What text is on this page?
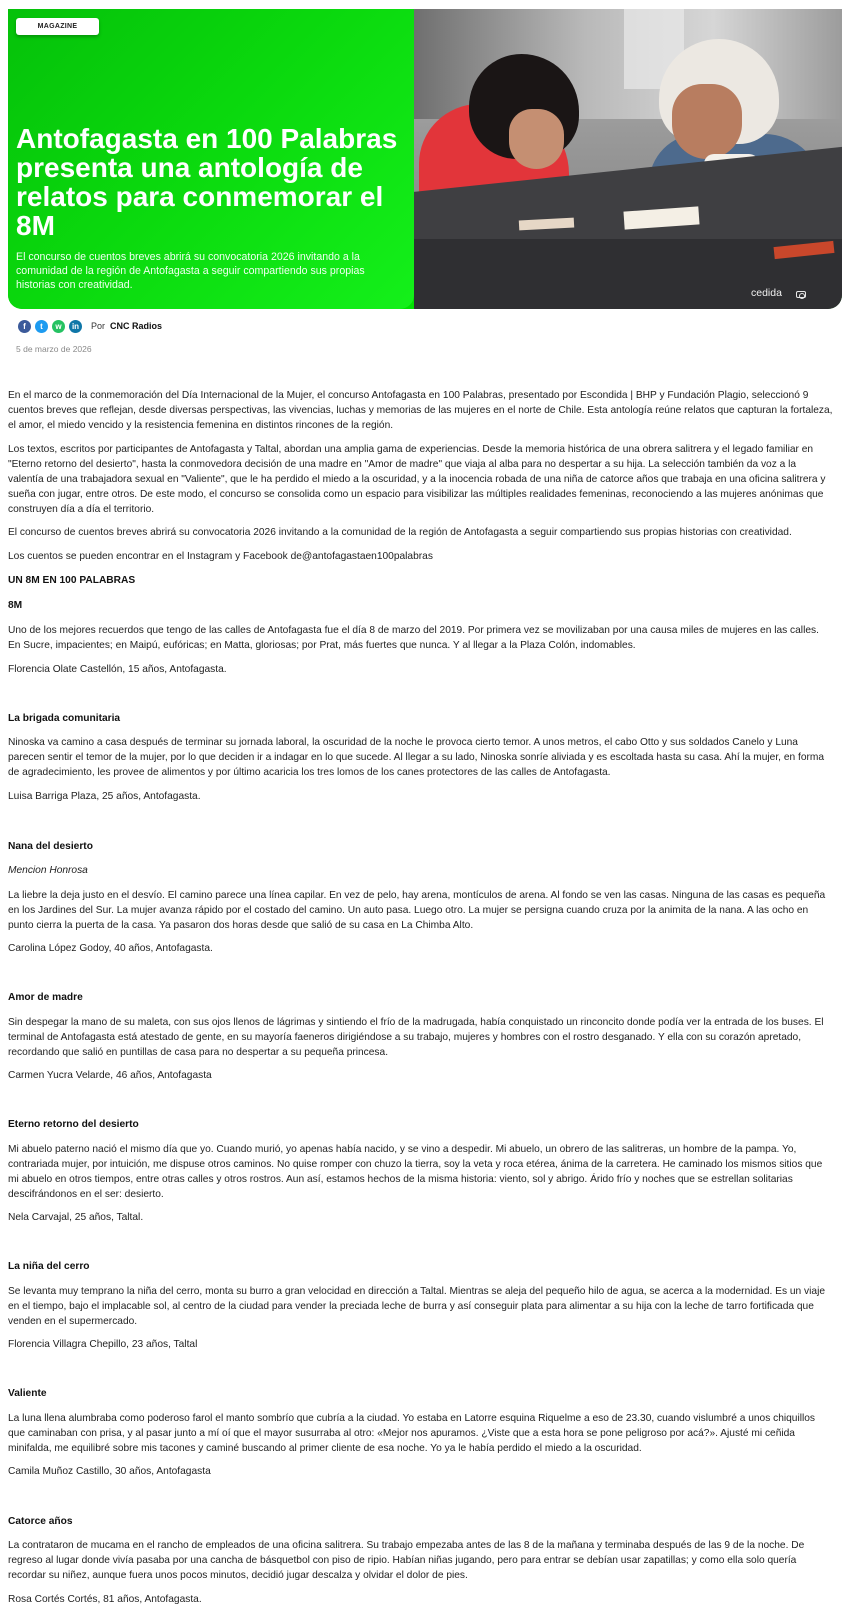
MAGAZINE
Antofagasta en 100 Palabras presenta una antología de relatos para conmemorar el 8M

El concurso de cuentos breves abrirá su convocatoria 2026 invitando a la comunidad de la región de Antofagasta a seguir compartiendo sus propias historias con creatividad.

cedida
f	t	w	in	Por CNC Radios
5 de marzo de 2026

En el marco de la conmemoración del Día Internacional de la Mujer, el concurso Antofagasta en 100 Palabras, presentado por Escondida | BHP y Fundación Plagio, seleccionó 9 cuentos breves que reflejan, desde diversas perspectivas, las vivencias, luchas y memorias de las mujeres en el norte de Chile. Esta antología reúne relatos que capturan la fortaleza, el amor, el miedo vencido y la resistencia femenina en distintos rincones de la región.

Los textos, escritos por participantes de Antofagasta y Taltal, abordan una amplia gama de experiencias. Desde la memoria histórica de una obrera salitrera y el legado familiar en "Eterno retorno del desierto", hasta la conmovedora decisión de una madre en "Amor de madre" que viaja al alba para no despertar a su hija. La selección también da voz a la valentía de una trabajadora sexual en "Valiente", que le ha perdido el miedo a la oscuridad, y a la inocencia robada de una niña de catorce años que trabaja en una oficina salitrera y sueña con jugar, entre otros. De este modo, el concurso se consolida como un espacio para visibilizar las múltiples realidades femeninas, reconociendo a las mujeres anónimas que construyen día a día el territorio.

El concurso de cuentos breves abrirá su convocatoria 2026 invitando a la comunidad de la región de Antofagasta a seguir compartiendo sus propias historias con creatividad.

Los cuentos se pueden encontrar en el Instagram y Facebook de@antofagastaen100palabras

UN 8M EN 100 PALABRAS

8M

Uno de los mejores recuerdos que tengo de las calles de Antofagasta fue el día 8 de marzo del 2019. Por primera vez se movilizaban por una causa miles de mujeres en las calles. En Sucre, impacientes; en Maipú, eufóricas; en Matta, gloriosas; por Prat, más fuertes que nunca. Y al llegar a la Plaza Colón, indomables.

Florencia Olate Castellón, 15 años, Antofagasta.

La brigada comunitaria

Ninoska va camino a casa después de terminar su jornada laboral, la oscuridad de la noche le provoca cierto temor. A unos metros, el cabo Otto y sus soldados Canelo y Luna parecen sentir el temor de la mujer, por lo que deciden ir a indagar en lo que sucede. Al llegar a su lado, Ninoska sonríe aliviada y es escoltada hasta su casa. Ahí la mujer, en forma de agradecimiento, les provee de alimentos y por último acaricia los tres lomos de los canes protectores de las calles de Antofagasta.

Luisa Barriga Plaza, 25 años, Antofagasta.

Nana del desierto

Mencion Honrosa

La liebre la deja justo en el desvío. El camino parece una línea capilar. En vez de pelo, hay arena, montículos de arena. Al fondo se ven las casas. Ninguna de las casas es pequeña en los Jardines del Sur. La mujer avanza rápido por el costado del camino. Un auto pasa. Luego otro. La mujer se persigna cuando cruza por la animita de la nana. A las ocho en punto cierra la puerta de la casa. Ya pasaron dos horas desde que salió de su casa en La Chimba Alto.

Carolina López Godoy, 40 años, Antofagasta.

Amor de madre

Sin despegar la mano de su maleta, con sus ojos llenos de lágrimas y sintiendo el frío de la madrugada, había conquistado un rinconcito donde podía ver la entrada de los buses. El terminal de Antofagasta está atestado de gente, en su mayoría faeneros dirigiéndose a su trabajo, mujeres y hombres con el rostro desganado. Y ella con su corazón apretado, recordando que salió en puntillas de casa para no despertar a su pequeña princesa.

Carmen Yucra Velarde, 46 años, Antofagasta

Eterno retorno del desierto

Mi abuelo paterno nació el mismo día que yo. Cuando murió, yo apenas había nacido, y se vino a despedir. Mi abuelo, un obrero de las salitreras, un hombre de la pampa. Yo, contrariada mujer, por intuición, me dispuse otros caminos. No quise romper con chuzo la tierra, soy la veta y roca etérea, ánima de la carretera. He caminado los mismos sitios que mi abuelo en otros tiempos, entre otras calles y otros rostros. Aun así, estamos hechos de la misma historia: viento, sol y abrigo. Árido frío y noches que se estrellan solitarias descifrándonos en el ser: desierto.

Nela Carvajal, 25 años, Taltal.

La niña del cerro

Se levanta muy temprano la niña del cerro, monta su burro a gran velocidad en dirección a Taltal. Mientras se aleja del pequeño hilo de agua, se acerca a la modernidad. Es un viaje en el tiempo, bajo el implacable sol, al centro de la ciudad para vender la preciada leche de burra y así conseguir plata para alimentar a su hija con la leche de tarro fortificada que venden en el supermercado.

Florencia Villagra Chepillo, 23 años, Taltal

Valiente

La luna llena alumbraba como poderoso farol el manto sombrío que cubría a la ciudad. Yo estaba en Latorre esquina Riquelme a eso de 23.30, cuando vislumbré a unos chiquillos que caminaban con prisa, y al pasar junto a mí oí que el mayor susurraba al otro: «Mejor nos apuramos. ¿Viste que a esta hora se pone peligroso por acá?». Ajusté mi ceñida minifalda, me equilibré sobre mis tacones y caminé buscando al primer cliente de esa noche. Yo ya le había perdido el miedo a la oscuridad.

Camila Muñoz Castillo, 30 años, Antofagasta

Catorce años

La contrataron de mucama en el rancho de empleados de una oficina salitrera. Su trabajo empezaba antes de las 8 de la mañana y terminaba después de las 9 de la noche. De regreso al lugar donde vivía pasaba por una cancha de básquetbol con piso de ripio. Habían niñas jugando, pero para entrar se debían usar zapatillas; y como ella solo quería recordar su niñez, aunque fuera unos pocos minutos, decidió jugar descalza y olvidar el dolor de pies.

Rosa Cortés Cortés, 81 años, Antofagasta.
